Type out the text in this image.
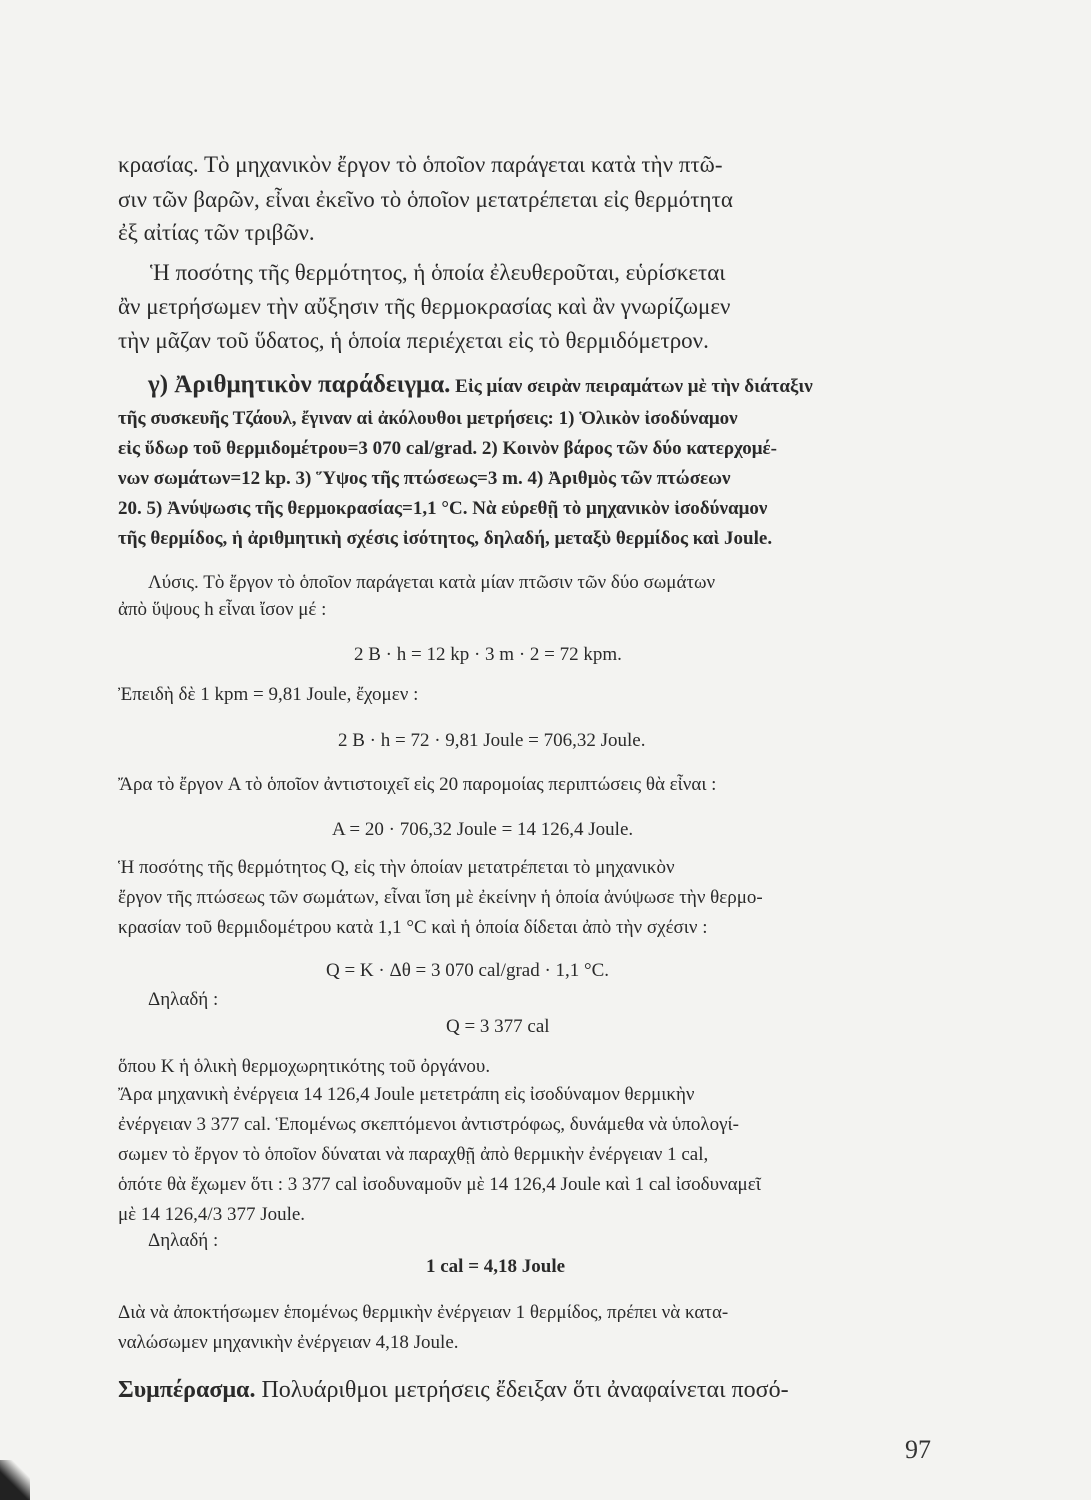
κρασίας. Τὸ μηχανικὸν ἔργον τὸ ὁποῖον παράγεται κατὰ τὴν πτῶ-
σιν τῶν βαρῶν, εἶναι ἐκεῖνο τὸ ὁποῖον μετατρέπεται εἰς θερμότητα
ἐξ αἰτίας τῶν τριβῶν.
Ἡ ποσότης τῆς θερμότητος, ἡ ὁποία ἐλευθεροῦται, εὑρίσκεται
ἂν μετρήσωμεν τὴν αὔξησιν τῆς θερμοκρασίας καὶ ἂν γνωρίζωμεν
τὴν μᾶζαν τοῦ ὕδατος, ἡ ὁποία περιέχεται εἰς τὸ θερμιδόμετρον.
γ) Ἀριθμητικὸν παράδειγμα. Εἰς μίαν σειρὰν πειραμάτων μὲ τὴν διάταξιν
τῆς συσκευῆς Τζάουλ, ἔγιναν αἱ ἀκόλουθοι μετρήσεις: 1) Ὁλικὸν ἰσοδύναμον
εἰς ὕδωρ τοῦ θερμιδομέτρου=3 070 cal/grad. 2) Κοινὸν βάρος τῶν δύο κατερχομέ-
νων σωμάτων=12 kp. 3) Ὕψος τῆς πτώσεως=3 m. 4) Ἀριθμὸς τῶν πτώσεων
20. 5) Ἀνύψωσις τῆς θερμοκρασίας=1,1 °C. Νὰ εὑρεθῇ τὸ μηχανικὸν ἰσοδύναμον
τῆς θερμίδος, ἡ ἀριθμητικὴ σχέσις ἰσότητος, δηλαδή, μεταξὺ θερμίδος καὶ Joule.
Λύσις. Τὸ ἔργον τὸ ὁποῖον παράγεται κατὰ μίαν πτῶσιν τῶν δύο σωμάτων
ἀπὸ ὕψους h εἶναι ἴσον μέ :
2 B · h = 12 kp · 3 m · 2 = 72 kpm.
Ἐπειδὴ δὲ 1 kpm = 9,81 Joule, ἔχομεν :
2 B · h = 72 · 9,81 Joule = 706,32 Joule.
Ἄρα τὸ ἔργον A τὸ ὁποῖον ἀντιστοιχεῖ εἰς 20 παρομοίας περιπτώσεις θὰ εἶναι :
A = 20 · 706,32 Joule = 14 126,4 Joule.
Ἡ ποσότης τῆς θερμότητος Q, εἰς τὴν ὁποίαν μετατρέπεται τὸ μηχανικὸν
ἔργον τῆς πτώσεως τῶν σωμάτων, εἶναι ἴση μὲ ἐκείνην ἡ ὁποία ἀνύψωσε τὴν θερμο-
κρασίαν τοῦ θερμιδομέτρου κατὰ 1,1 °C καὶ ἡ ὁποία δίδεται ἀπὸ τὴν σχέσιν :
Q = K · Δθ = 3 070 cal/grad · 1,1 °C.
Δηλαδή :
Q = 3 377 cal
ὅπου K ἡ ὁλικὴ θερμοχωρητικότης τοῦ ὀργάνου.
Ἄρα μηχανικὴ ἐνέργεια 14 126,4 Joule μετετράπη εἰς ἰσοδύναμον θερμικὴν
ἐνέργειαν 3 377 cal. Ἑπομένως σκεπτόμενοι ἀντιστρόφως, δυνάμεθα νὰ ὑπολογί-
σωμεν τὸ ἔργον τὸ ὁποῖον δύναται νὰ παραχθῇ ἀπὸ θερμικὴν ἐνέργειαν 1 cal,
ὁπότε θὰ ἔχωμεν ὅτι : 3 377 cal ἰσοδυναμοῦν μὲ 14 126,4 Joule καὶ 1 cal ἰσοδυναμεῖ
μὲ 14 126,4/3 377 Joule.
Δηλαδή :
1 cal = 4,18 Joule
Διὰ νὰ ἀποκτήσωμεν ἑπομένως θερμικὴν ἐνέργειαν 1 θερμίδος, πρέπει νὰ κατα-
ναλώσωμεν μηχανικὴν ἐνέργειαν 4,18 Joule.
Συμπέρασμα. Πολυάριθμοι μετρήσεις ἔδειξαν ὅτι ἀναφαίνεται ποσό-
97
